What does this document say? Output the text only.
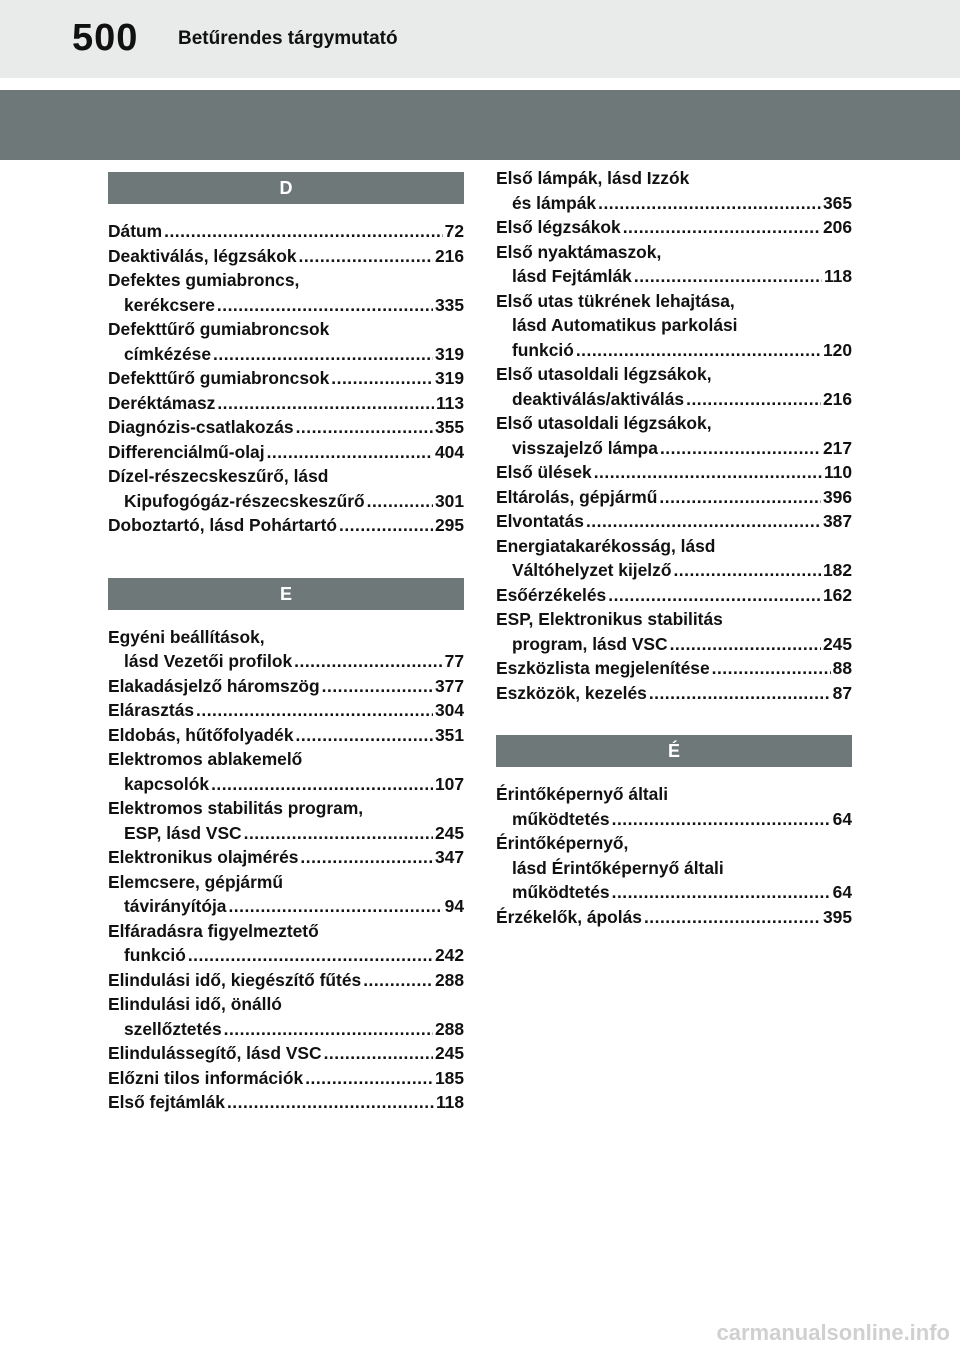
500 Betűrendes tárgymutató
D
Dátum .....	72
Deaktiválás, légzsákok .....	216
Defektes gumiabroncs,
kerékcsere .....	335
Defekttűrő gumiabroncsok
címkézése .....	319
Defekttűrő gumiabroncsok .....	319
Deréktámasz .....	113
Diagnózis-csatlakozás .....	355
Differenciálmű-olaj .....	404
Dízel-részecskeszűrő, lásd
Kipufogógáz-részecskeszűrő .....	301
Doboztartó, lásd Pohártartó .....	295
E
Egyéni beállítások,
lásd Vezetői profilok .....	77
Elakadásjelző háromszög .....	377
Elárasztás .....	304
Eldobás, hűtőfolyadék .....	351
Elektromos ablakemelő
kapcsolók .....	107
Elektromos stabilitás program,
ESP, lásd VSC .....	245
Elektronikus olajmérés .....	347
Elemcsere, gépjármű
távirányítója .....	94
Elfáradásra figyelmeztető
funkció .....	242
Elindulási idő, kiegészítő fűtés .....	288
Elindulási idő, önálló
szellőztetés .....	288
Elindulássegítő, lásd VSC .....	245
Előzni tilos információk .....	185
Első fejtámlák .....	118
Első lámpák, lásd Izzók
és lámpák .....	365
Első légzsákok .....	206
Első nyaktámaszok,
lásd Fejtámlák .....	118
Első utas tükrének lehajtása,
lásd Automatikus parkolási
funkció .....	120
Első utasoldali légzsákok,
deaktiválás/aktiválás .....	216
Első utasoldali légzsákok,
visszajelző lámpa .....	217
Első ülések .....	110
Eltárolás, gépjármű .....	396
Elvontatás .....	387
Energiatakarékosság, lásd
Váltóhelyzet kijelző .....	182
Esőérzékelés .....	162
ESP, Elektronikus stabilitás
program, lásd VSC .....	245
Eszközlista megjelenítése .....	88
Eszközök, kezelés .....	87
É
Érintőképernyő általi
működtetés .....	64
Érintőképernyő,
lásd Érintőképernyő általi
működtetés .....	64
Érzékelők, ápolás .....	395
carmanualsonline.info
